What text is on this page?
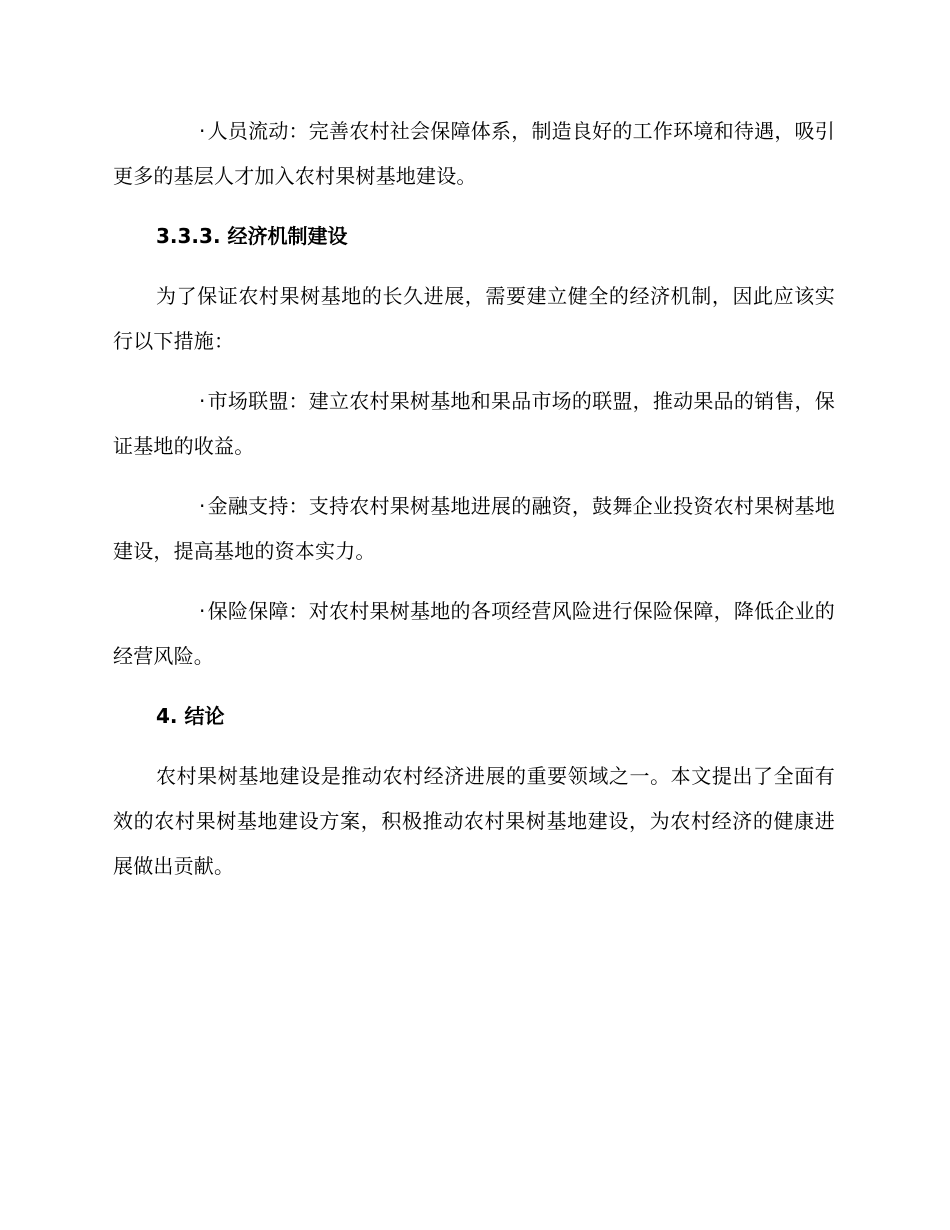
· 人员流动：完善农村社会保障体系，制造良好的工作环境和待遇，吸引更多的基层人才加入农村果树基地建设。

3.3.3. 经济机制建设

为了保证农村果树基地的长久进展，需要建立健全的经济机制，因此应该实行以下措施：

· 市场联盟：建立农村果树基地和果品市场的联盟，推动果品的销售，保证基地的收益。

· 金融支持：支持农村果树基地进展的融资，鼓舞企业投资农村果树基地建设，提高基地的资本实力。

· 保险保障：对农村果树基地的各项经营风险进行保险保障，降低企业的经营风险。

4. 结论

农村果树基地建设是推动农村经济进展的重要领域之一。本文提出了全面有效的农村果树基地建设方案，积极推动农村果树基地建设，为农村经济的健康进展做出贡献。
